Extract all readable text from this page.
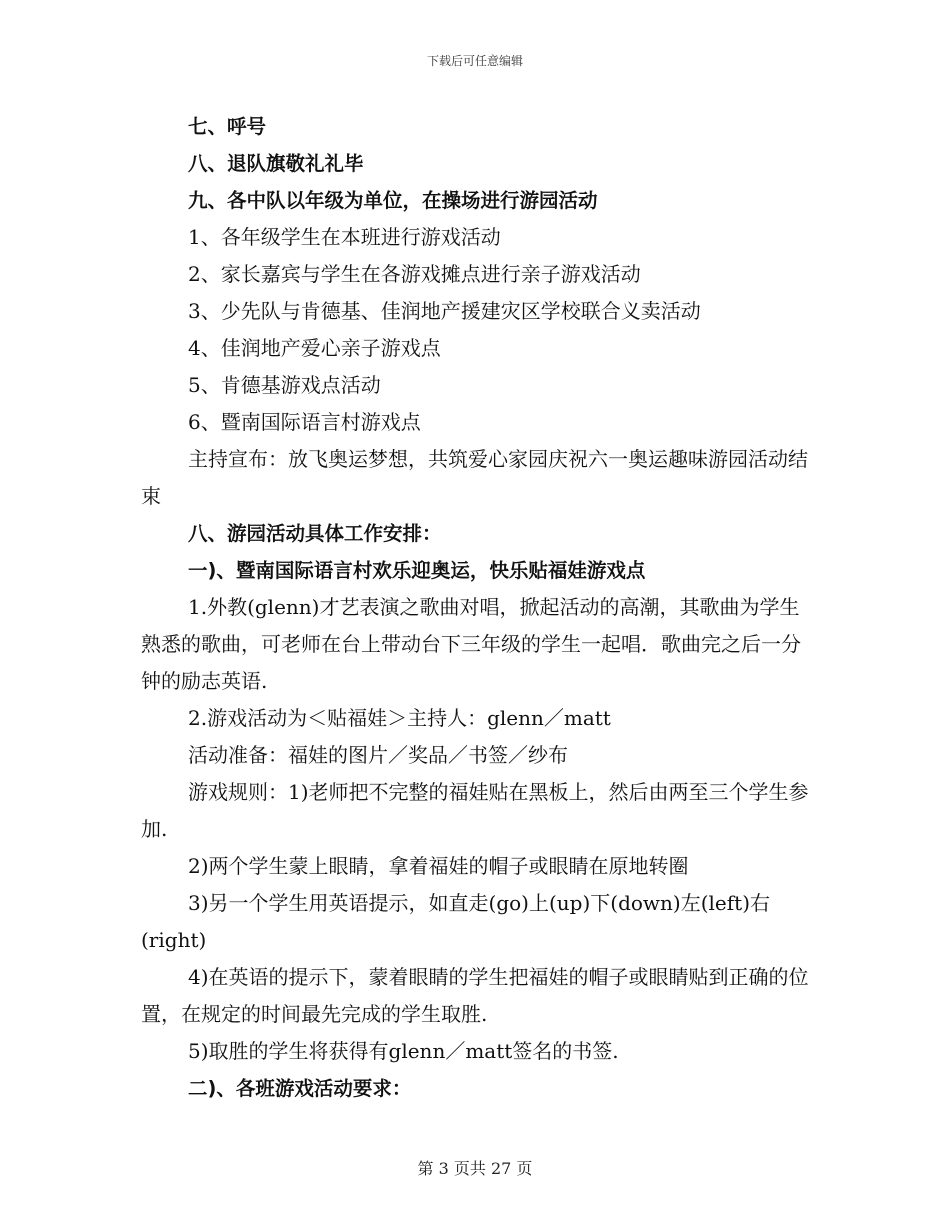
下载后可任意编辑
七、呼号
八、退队旗敬礼礼毕
九、各中队以年级为单位，在操场进行游园活动
1、各年级学生在本班进行游戏活动
2、家长嘉宾与学生在各游戏摊点进行亲子游戏活动
3、少先队与肯德基、佳润地产援建灾区学校联合义卖活动
4、佳润地产爱心亲子游戏点
5、肯德基游戏点活动
6、暨南国际语言村游戏点
主持宣布：放飞奥运梦想，共筑爱心家园庆祝六一奥运趣味游园活动结束
八、游园活动具体工作安排：
一)、暨南国际语言村欢乐迎奥运，快乐贴福娃游戏点
1.外教(glenn)才艺表演之歌曲对唱，掀起活动的高潮，其歌曲为学生熟悉的歌曲，可老师在台上带动台下三年级的学生一起唱．歌曲完之后一分钟的励志英语.
2.游戏活动为＜贴福娃＞主持人：glenn／matt
活动准备：福娃的图片／奖品／书签／纱布
游戏规则：1)老师把不完整的福娃贴在黑板上，然后由两至三个学生参加.
2)两个学生蒙上眼睛，拿着福娃的帽子或眼睛在原地转圈
3)另一个学生用英语提示，如直走(go)上(up)下(down)左(left)右(right)
4)在英语的提示下，蒙着眼睛的学生把福娃的帽子或眼睛贴到正确的位置，在规定的时间最先完成的学生取胜.
5)取胜的学生将获得有glenn／matt签名的书签.
二)、各班游戏活动要求：
第 3 页共 27 页
